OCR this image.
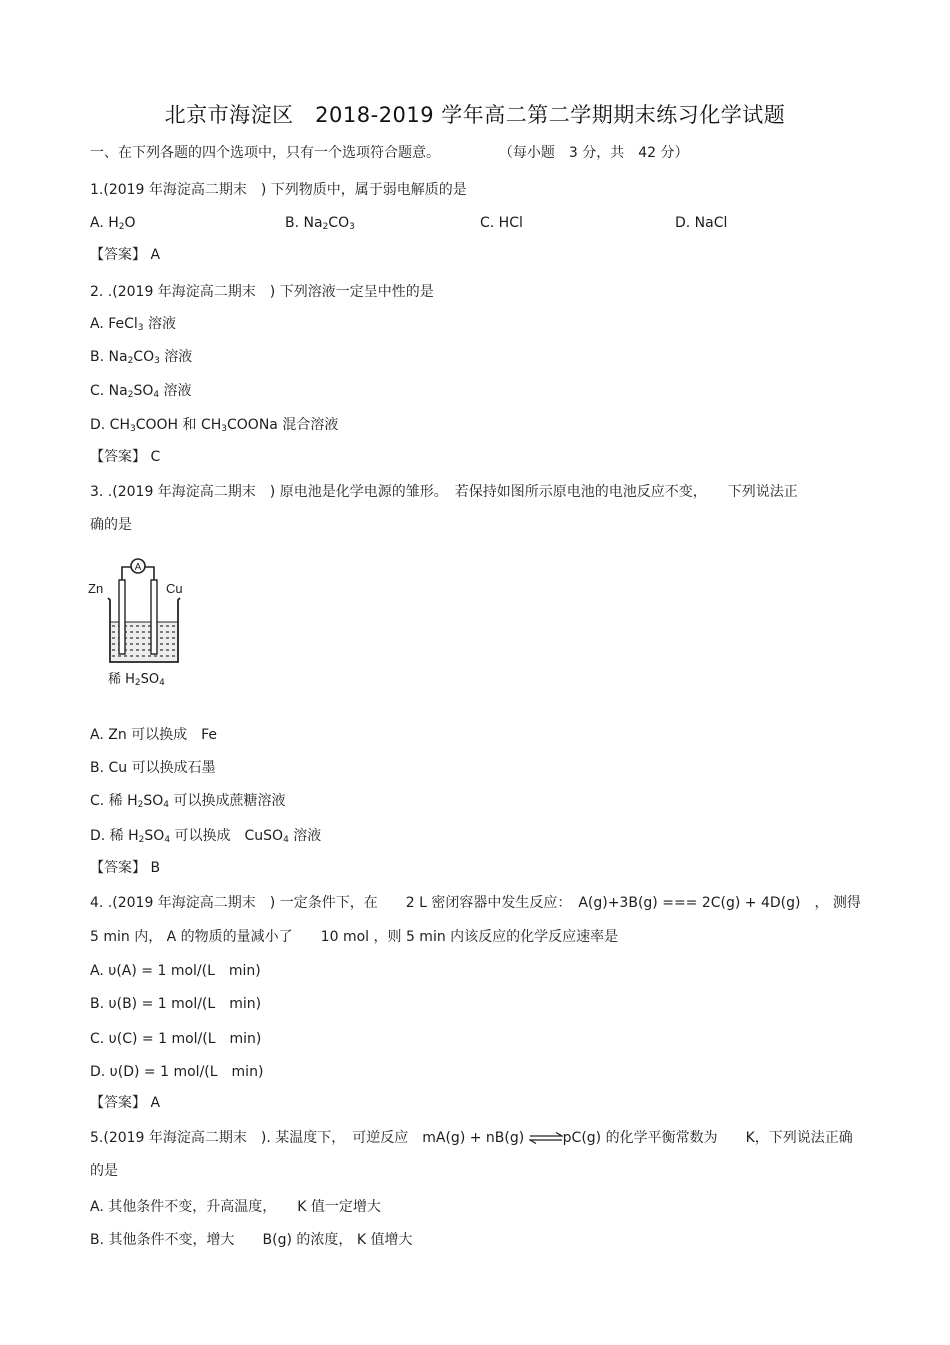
北京市海淀区　2018-2019 学年高二第二学期期末练习化学试题
一、在下列各题的四个选项中，只有一个选项符合题意。	（每小题　3 分，共　42 分）
1.(2019 年海淀高二期末　) 下列物质中，属于弱电解质的是
A. $H_2O$	B. $Na_2CO_3$	C. HCl	D. NaCl
【答案】 A
2. .(2019 年海淀高二期末　) 下列溶液一定呈中性的是
A. FeCl$_3$ 溶液
B. $Na_2CO_3$ 溶液
C. $Na_2SO_4$ 溶液
D. $CH_3COOH$ 和 $CH_3COONa$ 混合溶液
【答案】 C
3. .(2019 年海淀高二期末　) 原电池是化学电源的雏形。　若保持如图所示原电池的电池反应不变，　　下列说法正
确的是
A
Zn	Cu
稀 $H_2SO_4$
A. Zn 可以换成　Fe
B. Cu 可以换成石墨
C. 稀 $H_2SO_4$ 可以换成蔗糖溶液
D. 稀 $H_2SO_4$ 可以换成　CuSO$_4$ 溶液
【答案】 B
4. .(2019 年海淀高二期末　) 一定条件下，在　　2 L 密闭容器中发生反应：　A(g)+3B(g) === 2C(g) + 4D(g)　， 测得
5 min 内， A 的物质的量减小了　　10 mol ，则 5 min 内该反应的化学反应速率是
A. υ(A) = 1 mol/(L　min)
B. υ(B) = 1 mol/(L　min)
C. υ(C) = 1 mol/(L　min)
D. υ(D) = 1 mol/(L　min)
【答案】 A
5.(2019 年海淀高二期末　). 某温度下，　可逆反应　mA(g) + nB(g) ⇌pC(g) 的化学平衡常数为　　K，下列说法正确
的是
A. 其他条件不变，升高温度，　　K 值一定增大
B. 其他条件不变，增大　　B(g) 的浓度， K 值增大
